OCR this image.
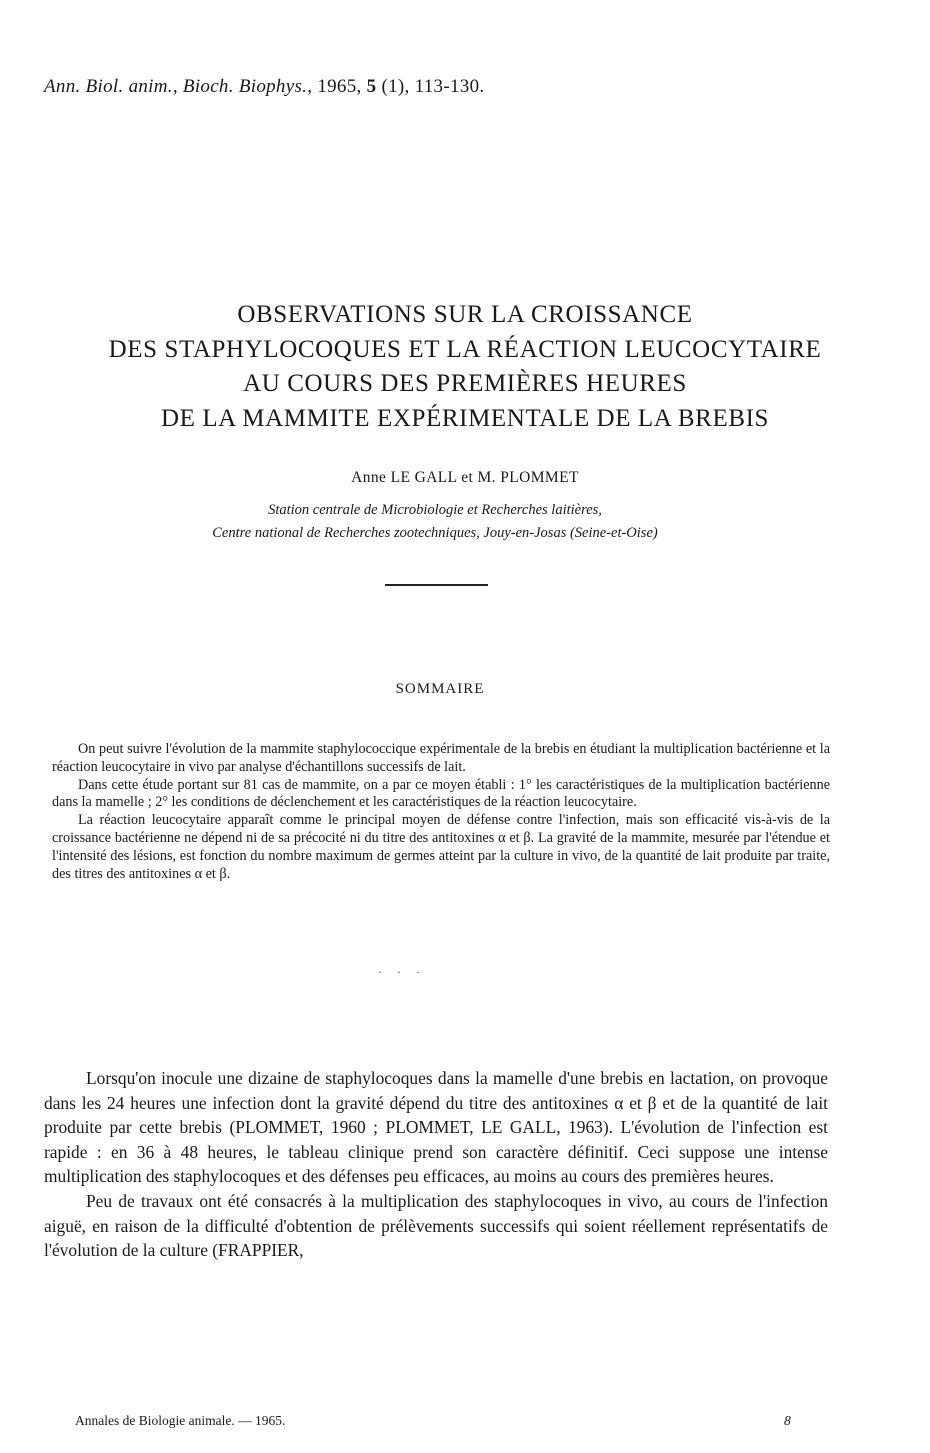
Ann. Biol. anim., Bioch. Biophys., 1965, 5 (1), 113-130.
OBSERVATIONS SUR LA CROISSANCE
DES STAPHYLOCOQUES ET LA RÉACTION LEUCOCYTAIRE
AU COURS DES PREMIÈRES HEURES
DE LA MAMMITE EXPÉRIMENTALE DE LA BREBIS
Anne LE GALL et M. PLOMMET
Station centrale de Microbiologie et Recherches laitières,
Centre national de Recherches zootechniques, Jouy-en-Josas (Seine-et-Oise)
SOMMAIRE

On peut suivre l'évolution de la mammite staphylococcique expérimentale de la brebis en étudiant la multiplication bactérienne et la réaction leucocytaire in vivo par analyse d'échantillons successifs de lait.

Dans cette étude portant sur 81 cas de mammite, on a par ce moyen établi : 1° les caractéristiques de la multiplication bactérienne dans la mamelle ; 2° les conditions de déclenchement et les caractéristiques de la réaction leucocytaire.

La réaction leucocytaire apparaît comme le principal moyen de défense contre l'infection, mais son efficacité vis-à-vis de la croissance bactérienne ne dépend ni de sa précocité ni du titre des antitoxines α et β. La gravité de la mammite, mesurée par l'étendue et l'intensité des lésions, est fonction du nombre maximum de germes atteint par la culture in vivo, de la quantité de lait produite par traite, des titres des antitoxines α et β.

· · ·

Lorsqu'on inocule une dizaine de staphylocoques dans la mamelle d'une brebis en lactation, on provoque dans les 24 heures une infection dont la gravité dépend du titre des antitoxines α et β et de la quantité de lait produite par cette brebis (PLOMMET, 1960 ; PLOMMET, LE GALL, 1963). L'évolution de l'infection est rapide : en 36 à 48 heures, le tableau clinique prend son caractère définitif. Ceci suppose une intense multiplication des staphylocoques et des défenses peu efficaces, au moins au cours des premières heures.

Peu de travaux ont été consacrés à la multiplication des staphylocoques in vivo, au cours de l'infection aiguë, en raison de la difficulté d'obtention de prélèvements successifs qui soient réellement représentatifs de l'évolution de la culture (FRAPPIER,

Annales de Biologie animale. — 1965.	8
